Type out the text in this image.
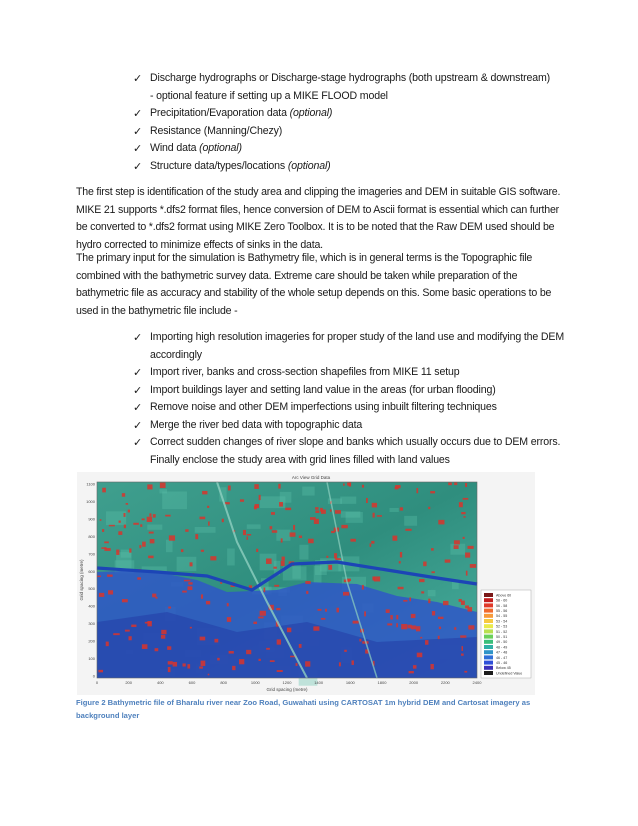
✓ Discharge hydrographs or Discharge-stage hydrographs (both upstream & downstream)
- optional feature if setting up a MIKE FLOOD model
✓ Precipitation/Evaporation data (optional)
✓ Resistance (Manning/Chezy)
✓ Wind data (optional)
✓ Structure data/types/locations (optional)

The first step is identification of the study area and clipping the imageries and DEM in suitable GIS software. MIKE 21 supports *.dfs2 format files, hence conversion of DEM to Ascii format is essential which can further be converted to *.dfs2 format using MIKE Zero Toolbox. It is to be noted that the Raw DEM used should be hydro corrected to minimize effects of sinks in the data.

The primary input for the simulation is Bathymetry file, which is in general terms is the Topographic file combined with the bathymetric survey data. Extreme care should be taken while preparation of the bathymetric file as accuracy and stability of the whole setup depends on this. Some basic operations to be used in the bathymetric file include -

✓ Importing high resolution imageries for proper study of the land use and modifying the DEM accordingly
✓ Import river, banks and cross-section shapefiles from MIKE 11 setup
✓ Import buildings layer and setting land value in the areas (for urban flooding)
✓ Remove noise and other DEM imperfections using inbuilt filtering techniques
✓ Merge the river bed data with topographic data
✓ Correct sudden changes of river slope and banks which usually occurs due to DEM errors. Finally enclose the study area with grid lines filled with land values
Arc View Grid Data
1100
1000
900
800
700
600
500
400
300
200
100
0
0	200	400	600	800	1000	1200	1400	1600	1800	2000	2200	2400
Grid spacing (metre)
Grid spacing (metre)
Above 60
58 - 60
56 - 58
55 - 56
54 - 55
53 - 54
52 - 53
51 - 52
50 - 51
49 - 50
48 - 49
47 - 48
46 - 47
45 - 46
Below 45
Undefined Value

Figure 2 Bathymetric file of Bharalu river near Zoo Road, Guwahati using CARTOSAT 1m hybrid DEM and Cartosat imagery as background layer
